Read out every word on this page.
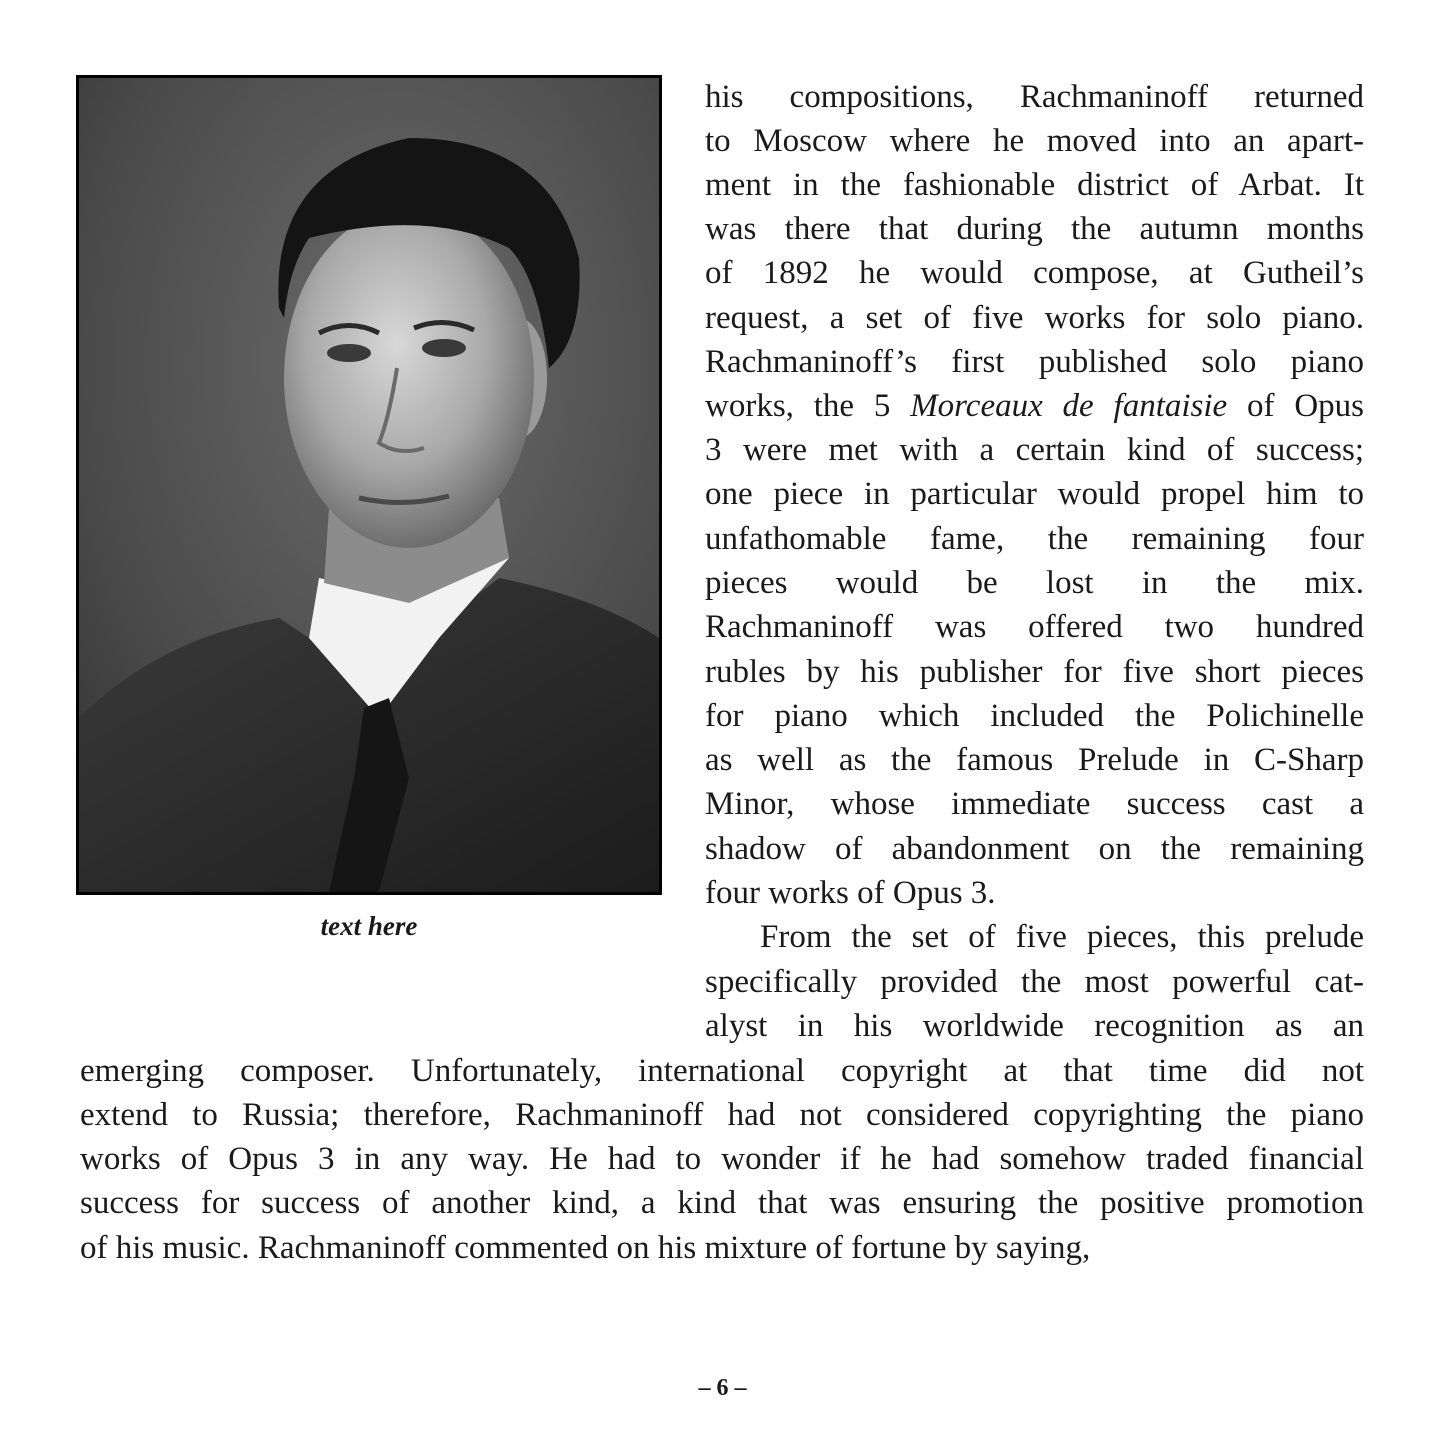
text here
his compositions, Rachmaninoff returned
to Moscow where he moved into an apart-
ment in the fashionable district of Arbat. It
was there that during the autumn months
of 1892 he would compose, at Gutheil’s
request, a set of five works for solo piano.
Rachmaninoff’s first published solo piano
works, the 5 Morceaux de fantaisie of Opus
3 were met with a certain kind of success;
one piece in particular would propel him to
unfathomable fame, the remaining four
pieces would be lost in the mix.
Rachmaninoff was offered two hundred
rubles by his publisher for five short pieces
for piano which included the Polichinelle
as well as the famous Prelude in C-Sharp
Minor, whose immediate success cast a
shadow of abandonment on the remaining
four works of Opus 3.
From the set of five pieces, this prelude
specifically provided the most powerful cat-
alyst in his worldwide recognition as an
emerging composer. Unfortunately, international copyright at that time did not
extend to Russia; therefore, Rachmaninoff had not considered copyrighting the piano
works of Opus 3 in any way. He had to wonder if he had somehow traded financial
success for success of another kind, a kind that was ensuring the positive promotion
of his music. Rachmaninoff commented on his mixture of fortune by saying,
– 6 –
